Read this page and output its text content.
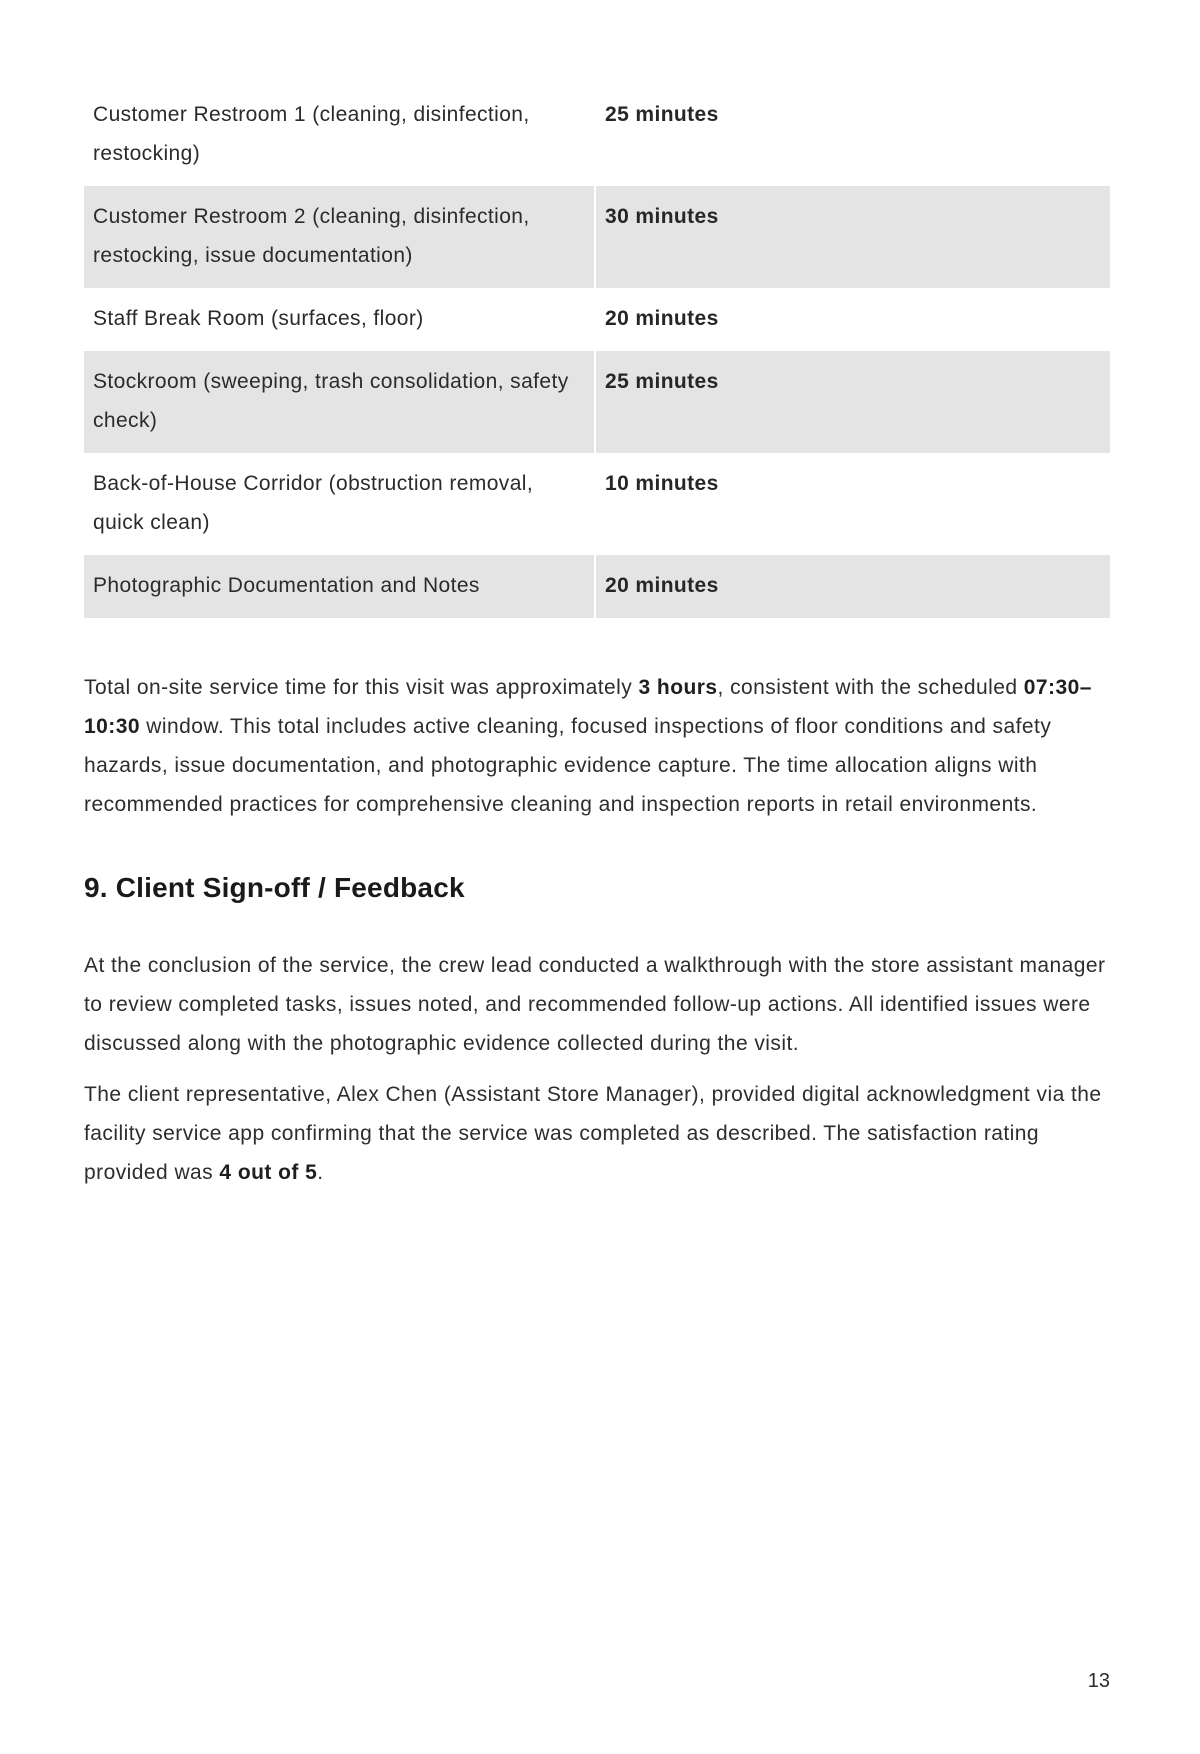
Customer Restroom 1 (cleaning, disinfection, restocking)	25 minutes
Customer Restroom 2 (cleaning, disinfection, restocking, issue documentation)	30 minutes
Staff Break Room (surfaces, floor)	20 minutes
Stockroom (sweeping, trash consolidation, safety check)	25 minutes
Back-of-House Corridor (obstruction removal, quick clean)	10 minutes
Photographic Documentation and Notes	20 minutes

Total on-site service time for this visit was approximately 3 hours, consistent with the scheduled 07:30–10:30 window. This total includes active cleaning, focused inspections of floor conditions and safety hazards, issue documentation, and photographic evidence capture. The time allocation aligns with recommended practices for comprehensive cleaning and inspection reports in retail environments.

9. Client Sign-off / Feedback

At the conclusion of the service, the crew lead conducted a walkthrough with the store assistant manager to review completed tasks, issues noted, and recommended follow-up actions. All identified issues were discussed along with the photographic evidence collected during the visit.

The client representative, Alex Chen (Assistant Store Manager), provided digital acknowledgment via the facility service app confirming that the service was completed as described. The satisfaction rating provided was 4 out of 5.

13
